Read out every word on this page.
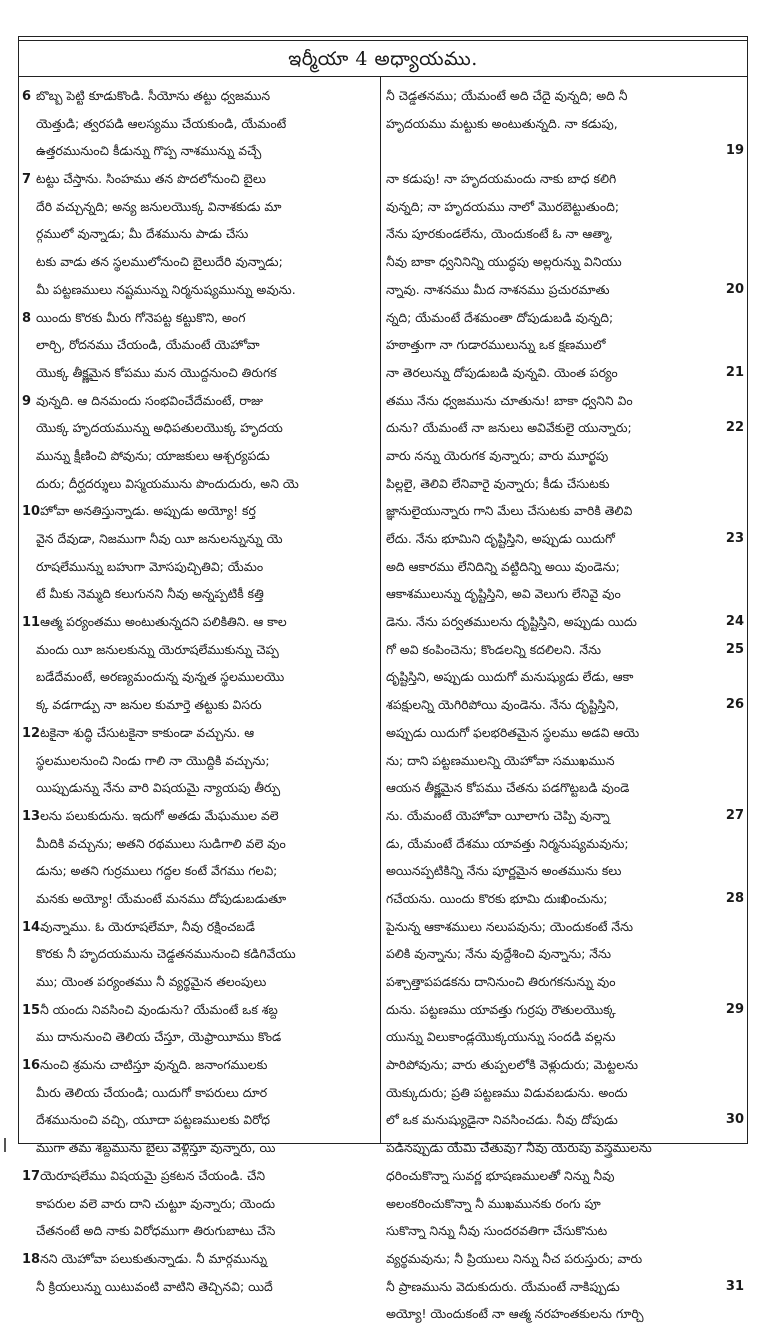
ఇర్మీయా 4 అధ్యాయము.
6 బొబ్బ పెట్టి కూడుకొండి. సీయోను తట్టు ధ్వజమున
యెత్తుడి; త్వరపడి ఆలస్యము చేయకుండి, యేమంటే
ఉత్తరమునుంచి కీడున్ను గొప్ప నాశమున్ను వచ్చే
7 టట్టు చేస్తాను. సింహము తన పొదలోనుంచి బైలు
దేరి వచ్చున్నది; అన్య జనులయొక్క వినాశకుడు మా
ర్గములో వున్నాడు; మీ దేశమును పాడు చేసు
టకు వాడు తన స్థలములోనుంచి బైలుదేరి వున్నాడు;
మీ పట్టణములు నష్టమున్ను నిర్మనుష్యమున్ను అవును.
8 యిందు కొరకు మీరు గోనెపట్ట కట్టుకొని, అంగ
లార్చి, రోదనము చేయండి, యేమంటే యెహోవా
యొక్క తీక్ష్ణమైన కోపము మన యొద్దనుంచి తిరుగక
9 వున్నది. ఆ దినమందు సంభవించేదేమంటే, రాజు
యొక్క హృదయమున్ను అధిపతులయొక్క హృదయ
మున్ను క్షీణించి పోవును; యాజకులు ఆశ్చర్యపడు
దురు; దీర్ఘదర్శులు విస్మయమును పొందుదురు, అని యె
10హోవా అనతిస్తున్నాడు. అప్పుడు అయ్యో! కర్త
వైన దేవుడా, నిజముగా నీవు యీ జనులన్నున్ను యె
రూషలేమున్ను బహుగా మోసపుచ్చితివి; యేమం
టే మీకు నెమ్మది కలుగునని నీవు అన్నప్పటికీ కత్తి
11ఆత్మ పర్యంతము అంటుతున్నదని పలికితిని. ఆ కాల
మందు యీ జనులకున్ను యెరూషలేముకున్ను చెప్ప
బడేదేమంటే, అరణ్యమందున్న వున్నత స్థలములయొ
క్క వడగాడ్పు నా జనుల కుమార్తె తట్టుకు విసరు
12టకైనా శుద్ధి చేసుటకైనా కాకుండా వచ్చును. ఆ
స్థలములనుంచి నిండు గాలి నా యొద్దికి వచ్చును;
యిప్పుడున్ను నేను వారి విషయమై న్యాయపు తీర్పు
13లను పలుకుదును. ఇదుగో అతడు మేఘముల వలె
మీదికి వచ్చును; అతని రథములు సుడిగాలి వలె వుం
డును; అతని గుర్రములు గద్దల కంటే వేగము గలవి;
మనకు అయ్యో! యేమంటే మనము దోపుడుబడుతూ
14వున్నాము. ఓ యెరూషలేమా, నీవు రక్షించబడే
కొరకు నీ హృదయమును చెడ్డతనమునుంచి కడిగివేయు
ము; యెంత పర్యంతము నీ వ్యర్థమైన తలంపులు
15నీ యందు నివసించి వుండును? యేమంటే ఒక శబ్ద
ము దానునుంచి తెలియ చేస్తూ, యెఫ్రాయీము కొండ
16నుంచి శ్రమను చాటిస్తూ వున్నది. జనాంగములకు
మీరు తెలియ చేయండి; యిదుగో కాపరులు దూర
దేశమునుంచి వచ్చి, యూదా పట్టణములకు విరోధ
ముగా తమ శబ్దమును బైలు వెళ్లిస్తూ వున్నారు, యి
17యెరూషలేము విషయమై ప్రకటన చేయండి. చేని
కాపరుల వలె వారు దాని చుట్టూ వున్నారు; యెందు
చేతనంటే అది నాకు విరోధముగా తిరుగుబాటు చేసె
18నని యెహోవా పలుకుతున్నాడు. నీ మార్గమున్ను
నీ క్రియలున్ను యిటువంటి వాటిని తెచ్చినవి; యిదే
నీ చెడ్డతనము; యేమంటే అది చేదై వున్నది; అది నీ
హృదయము మట్టుకు అంటుతున్నది. నా కడుపు,
19
నా కడుపు! నా హృదయమందు నాకు బాధ కలిగి
వున్నది; నా హృదయము నాలో మొరబెట్టుతుంది;
నేను పూరకుండలేను, యెందుకంటే ఓ నా ఆత్మా,
నీవు బాకా ధ్వనినిన్ని యుద్ధపు అల్లరున్ను వినియు
న్నావు. నాశనము మీద నాశనము ప్రచురమాతు	20
న్నది; యేమంటే దేశమంతా దోపుడుబడి వున్నది;
హఠాత్తుగా నా గుడారములున్ను ఒక క్షణములో
నా తెరలున్ను దోపుడుబడి వున్నవి. యెంత పర్యం	21
తము నేను ధ్వజమును చూతును! బాకా ధ్వనిని విం
దును? యేమంటే నా జనులు అవివేకులై యున్నారు;	22
వారు నన్ను యెరుగక వున్నారు; వారు మూర్ఖపు
పిల్లలై, తెలివి లేనివారై వున్నారు; కీడు చేసుటకు
జ్ఞానులైయున్నారు గాని మేలు చేసుటకు వారికి తెలివి
లేదు. నేను భూమిని దృష్టిస్తిని, అప్పుడు యిదుగో	23
అది ఆకారము లేనిదిన్ని వట్టిదిన్ని అయి వుండెను;
ఆకాశములున్ను దృష్టిస్తిని, అవి వెలుగు లేనివై వుం
డెను. నేను పర్వతములను దృష్టిస్తిని, అప్పుడు యిదు	24
గో అవి కంపించెను; కొండలన్ని కదలిలని. నేను	25
దృష్టిస్తిని, అప్పుడు యిదుగో మనుష్యుడు లేడు, ఆకా
శపక్షులన్ని యెగిరిపోయి వుండెను. నేను దృష్టిస్తిని,	26
అప్పుడు యిదుగో ఫలభరితమైన స్థలము అడవి ఆయె
ను; దాని పట్టణములన్ని యెహోవా సముఖమున
ఆయన తీక్ష్ణమైన కోపము చేతను పడగొట్టబడి వుండె
ను. యేమంటే యెహోవా యీలాగు చెప్పి వున్నా	27
డు, యేమంటే దేశము యావత్తు నిర్మనుష్యమవును;
అయినప్పటికిన్ని నేను పూర్ణమైన అంతమును కలు
గచేయను. యిందు కొరకు భూమి దుఃఖించును;	28
పైనున్న ఆకాశములు నలుపవును; యెందుకంటే నేను
పలికి వున్నాను; నేను వుద్దేశించి వున్నాను; నేను
పశ్చాత్తాపపడకను దానినుంచి తిరుగకనున్ను వుం
దును. పట్టణము యావత్తు గుర్రపు రౌతులయొక్క	29
యున్ను విలుకాండ్లయొక్కయున్ను సందడి వల్లను
పారిపోవును; వారు తుప్పలలోకి వెళ్లుదురు; మెట్టలను
యెక్కుదురు; ప్రతి పట్టణము విడువబడును. అందు
లో ఒక మనుష్యుడైనా నివసించడు. నీవు దోపుడు	30
పడినప్పుడు యేమి చేతువు? నీవు యెరుపు వస్త్రములను
ధరించుకొన్నా సువర్ణ భూషణములతో నిన్ను నీవు
అలంకరించుకొన్నా నీ ముఖమునకు రంగు పూ
సుకొన్నా నిన్ను నీవు సుందరవతిగా చేసుకొనుట
వ్యర్థమవును; నీ ప్రియులు నిన్ను నీచ పరుస్తురు; వారు
నీ ప్రాణమును వెదుకుదురు. యేమంటే నాకిప్పుడు	31
అయ్యో! యెందుకంటే నా ఆత్మ నరహంతకులను గూర్చి
